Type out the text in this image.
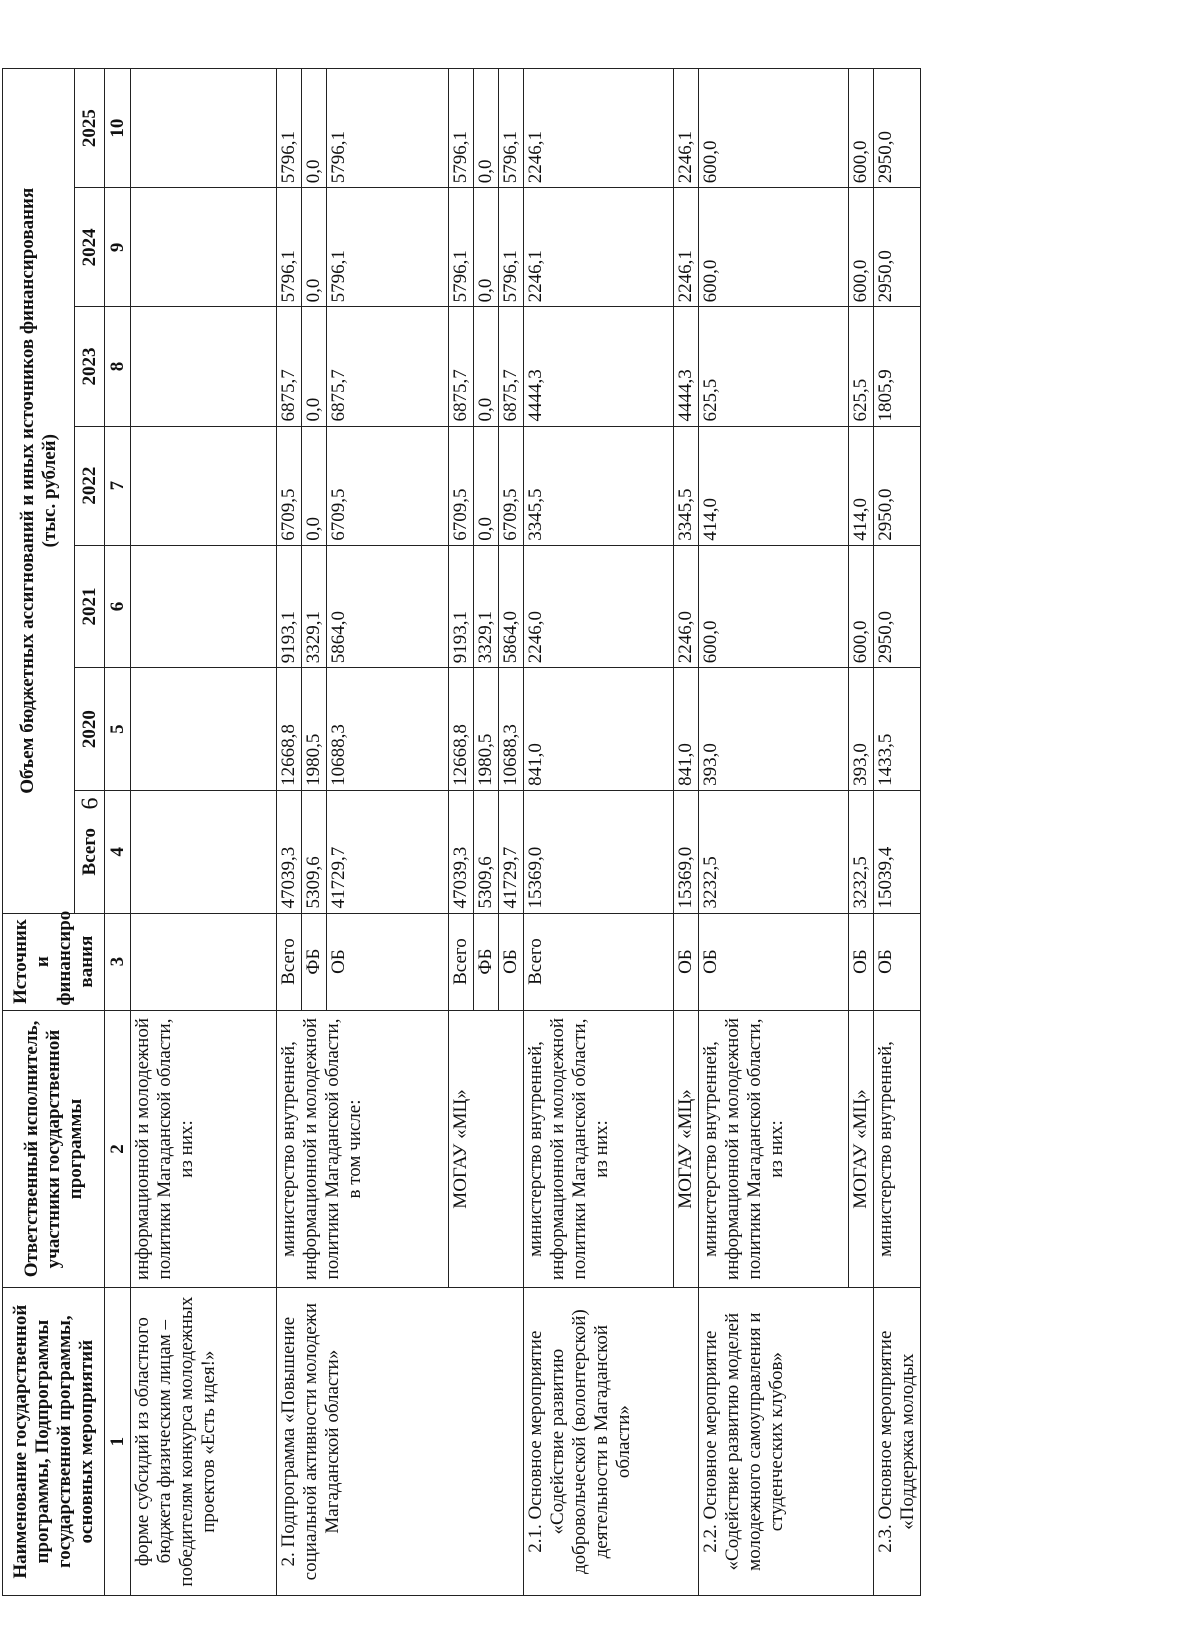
6
Наименование государственной программы, Подпрограммы государственной программы, основных мероприятий	Ответственный исполнитель, участники государственной программы	Источник и финансиро вания	Объем бюджетных ассигнований и иных источников финансирования (тыс. рублей)						

			Всего	2020	2021	2022	2023	2024	2025
1	2	3	4	5	6	7	8	9	10
форме субсидий из областного бюджета физическим лицам – победителям конкурса молодежных проектов «Есть идея!»	информационной и молодежной политики Магаданской области, из них:								
2. Подпрограмма «Повышение социальной активности молодежи Магаданской области»	министерство внутренней, информационной и молодежной политики Магаданской области, в том числе:	Всего	47039,3	12668,8	9193,1	6709,5	6875,7	5796,1	5796,1
		ФБ	5309,6	1980,5	3329,1	0,0	0,0	0,0	0,0
		ОБ	41729,7	10688,3	5864,0	6709,5	6875,7	5796,1	5796,1
	МОГАУ «МЦ»	Всего	47039,3	12668,8	9193,1	6709,5	6875,7	5796,1	5796,1
		ФБ	5309,6	1980,5	3329,1	0,0	0,0	0,0	0,0
		ОБ	41729,7	10688,3	5864,0	6709,5	6875,7	5796,1	5796,1
2.1. Основное мероприятие «Содействие развитию добровольческой (волонтерской) деятельности в Магаданской области»	министерство внутренней, информационной и молодежной политики Магаданской области, из них:	Всего	15369,0	841,0	2246,0	3345,5	4444,3	2246,1	2246,1
	МОГАУ «МЦ»	ОБ	15369,0	841,0	2246,0	3345,5	4444,3	2246,1	2246,1
2.2. Основное мероприятие «Содействие развитию моделей молодежного самоуправления и студенческих клубов»	министерство внутренней, информационной и молодежной политики Магаданской области, из них:	ОБ	3232,5	393,0	600,0	414,0	625,5	600,0	600,0
	МОГАУ «МЦ»	ОБ	3232,5	393,0	600,0	414,0	625,5	600,0	600,0
2.3. Основное мероприятие «Поддержка молодых	министерство внутренней,	ОБ	15039,4	1433,5	2950,0	2950,0	1805,9	2950,0	2950,0
